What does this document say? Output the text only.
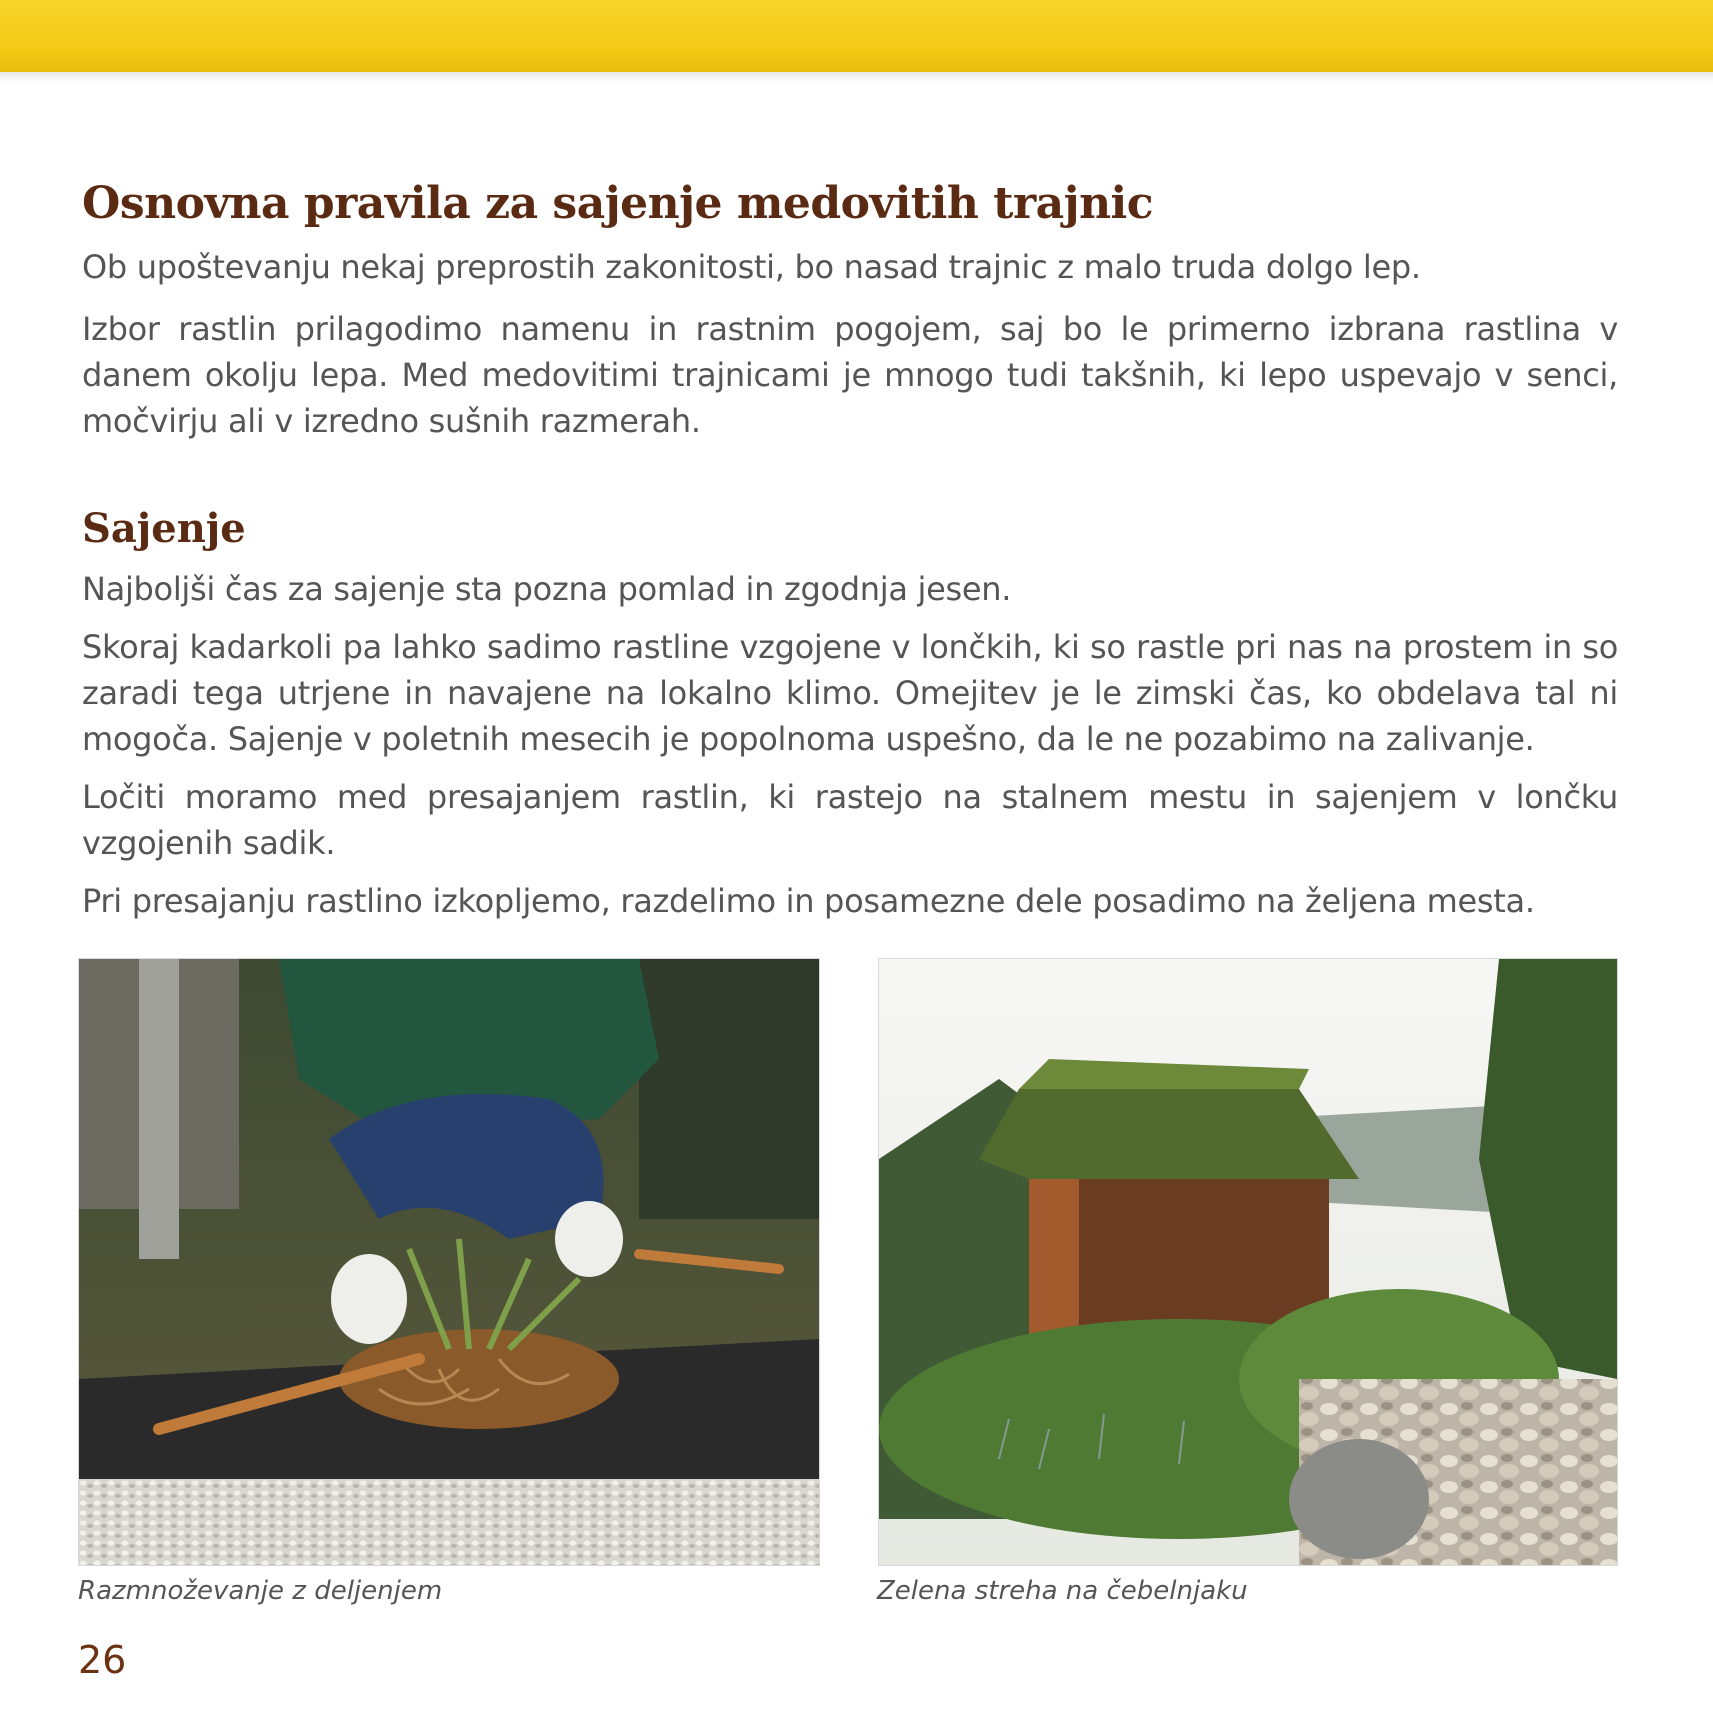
Osnovna pravila za sajenje medovitih trajnic

Ob upoštevanju nekaj preprostih zakonitosti, bo nasad trajnic z malo truda dolgo lep.

Izbor rastlin prilagodimo namenu in rastnim pogojem, saj bo le primerno izbrana rastlina v danem okolju lepa. Med medovitimi trajnicami je mnogo tudi takšnih, ki lepo uspevajo v senci, močvirju ali v izredno sušnih razmerah.

Sajenje

Najboljši čas za sajenje sta pozna pomlad in zgodnja jesen.

Skoraj kadarkoli pa lahko sadimo rastline vzgojene v lončkih, ki so rastle pri nas na prostem in so zaradi tega utrjene in navajene na lokalno klimo. Omejitev je le zimski čas, ko obdelava tal ni mogoča. Sajenje v poletnih mesecih je popolnoma uspešno, da le ne pozabimo na zalivanje.

Ločiti moramo med presajanjem rastlin, ki rastejo na stalnem mestu in sajenjem v lončku vzgojenih sadik.

Pri presajanju rastlino izkopljemo, razdelimo in posamezne dele posadimo na željena mesta.

Razmnoževanje z deljenjem	Zelena streha na čebelnjaku

26
